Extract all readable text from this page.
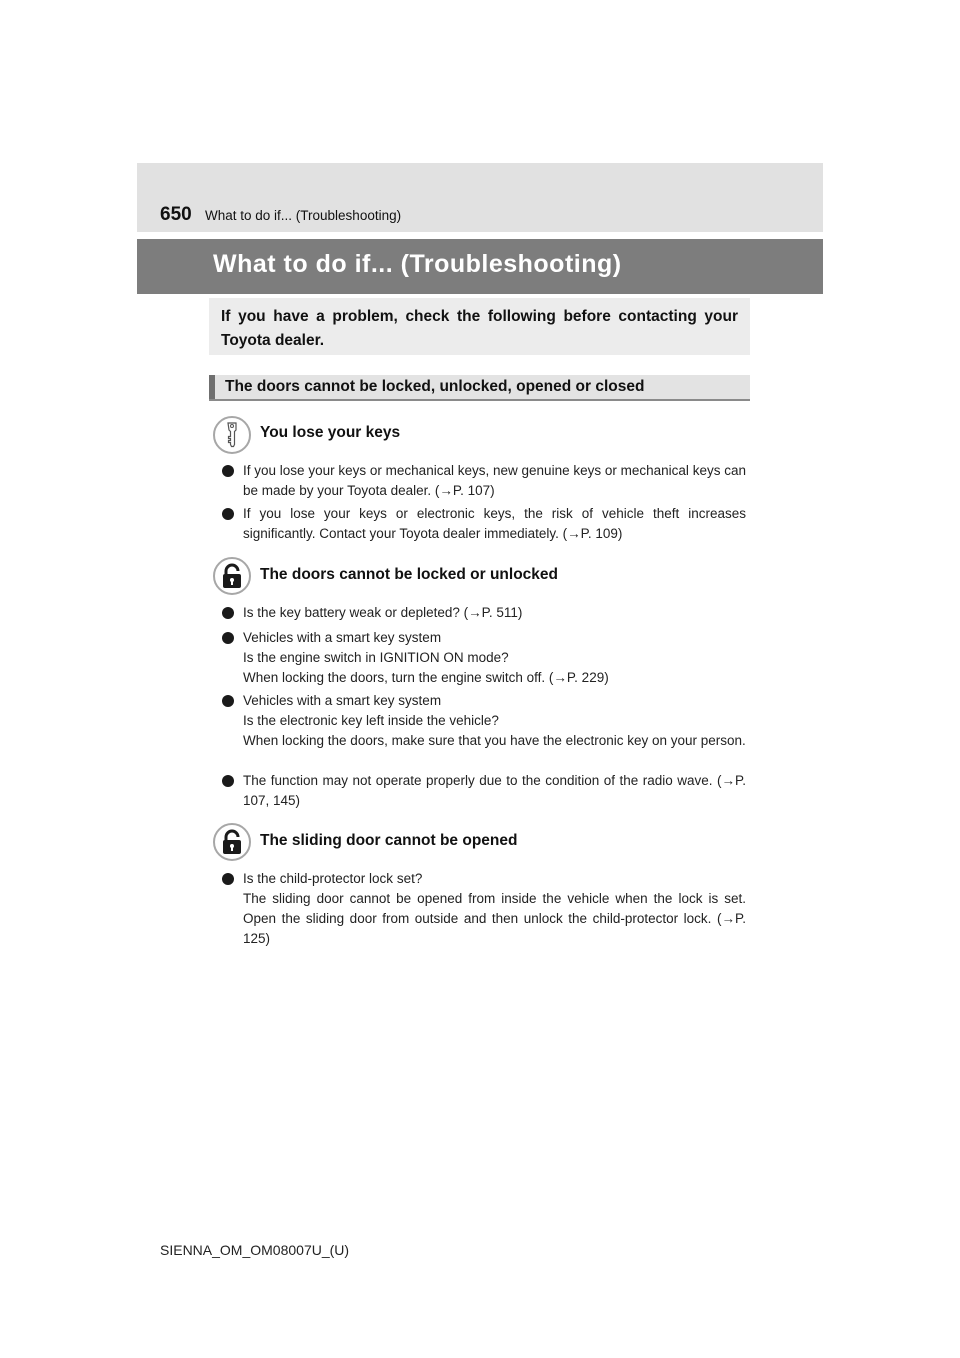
650 What to do if... (Troubleshooting)
What to do if... (Troubleshooting)
If you have a problem, check the following before contacting your Toyota dealer.
The doors cannot be locked, unlocked, opened or closed
You lose your keys
If you lose your keys or mechanical keys, new genuine keys or mechanical keys can be made by your Toyota dealer. (→P. 107)
If you lose your keys or electronic keys, the risk of vehicle theft increases significantly. Contact your Toyota dealer immediately. (→P. 109)
The doors cannot be locked or unlocked
Is the key battery weak or depleted? (→P. 511)
Vehicles with a smart key system
Is the engine switch in IGNITION ON mode?
When locking the doors, turn the engine switch off. (→P. 229)
Vehicles with a smart key system
Is the electronic key left inside the vehicle?
When locking the doors, make sure that you have the electronic key on your person.
The function may not operate properly due to the condition of the radio wave. (→P. 107, 145)
The sliding door cannot be opened
Is the child-protector lock set?
The sliding door cannot be opened from inside the vehicle when the lock is set. Open the sliding door from outside and then unlock the child-protector lock. (→P. 125)
SIENNA_OM_OM08007U_(U)
